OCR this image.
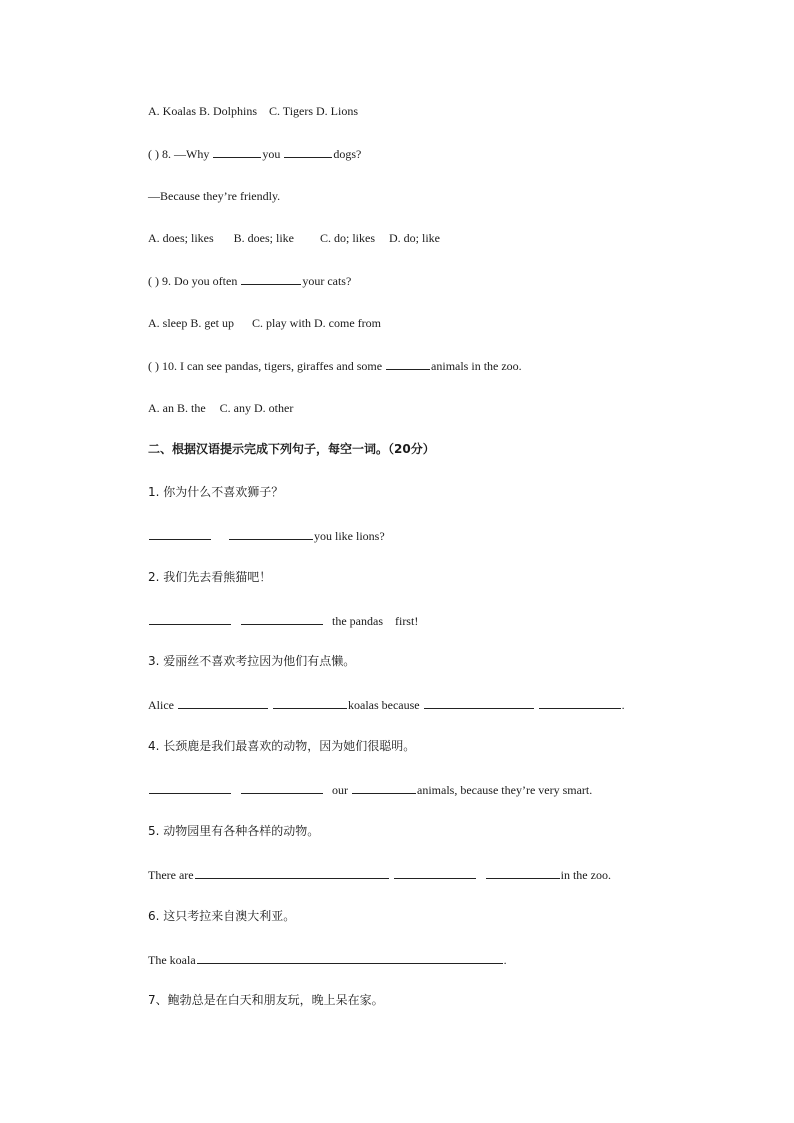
A. Koalas B. Dolphins    C. Tigers D. Lions
( ) 8. —Why	you	dogs?
—Because they’re friendly.
A. does; likes B. does; like C. do; likes D. do; like
( ) 9. Do you often	your cats?
A. sleep B. get up C. play with D. come from
( ) 10. I can see pandas, tigers, giraffes and some	animals in the zoo.
A. an B. the C. any D. other
二、根据汉语提示完成下列句子，每空一词。（20分）
1. 你为什么不喜欢狮子？
you like lions?
2. 我们先去看熊猫吧！
the pandas first!
3. 爱丽丝不喜欢考拉因为他们有点懒。
Alice	koalas because	.
4. 长颈鹿是我们最喜欢的动物，因为她们很聪明。
our	animals, because they’re very smart.
5. 动物园里有各种各样的动物。
There are	in the zoo.
6. 这只考拉来自澳大利亚。
The koala	.
7、鲍勃总是在白天和朋友玩，晚上呆在家。
